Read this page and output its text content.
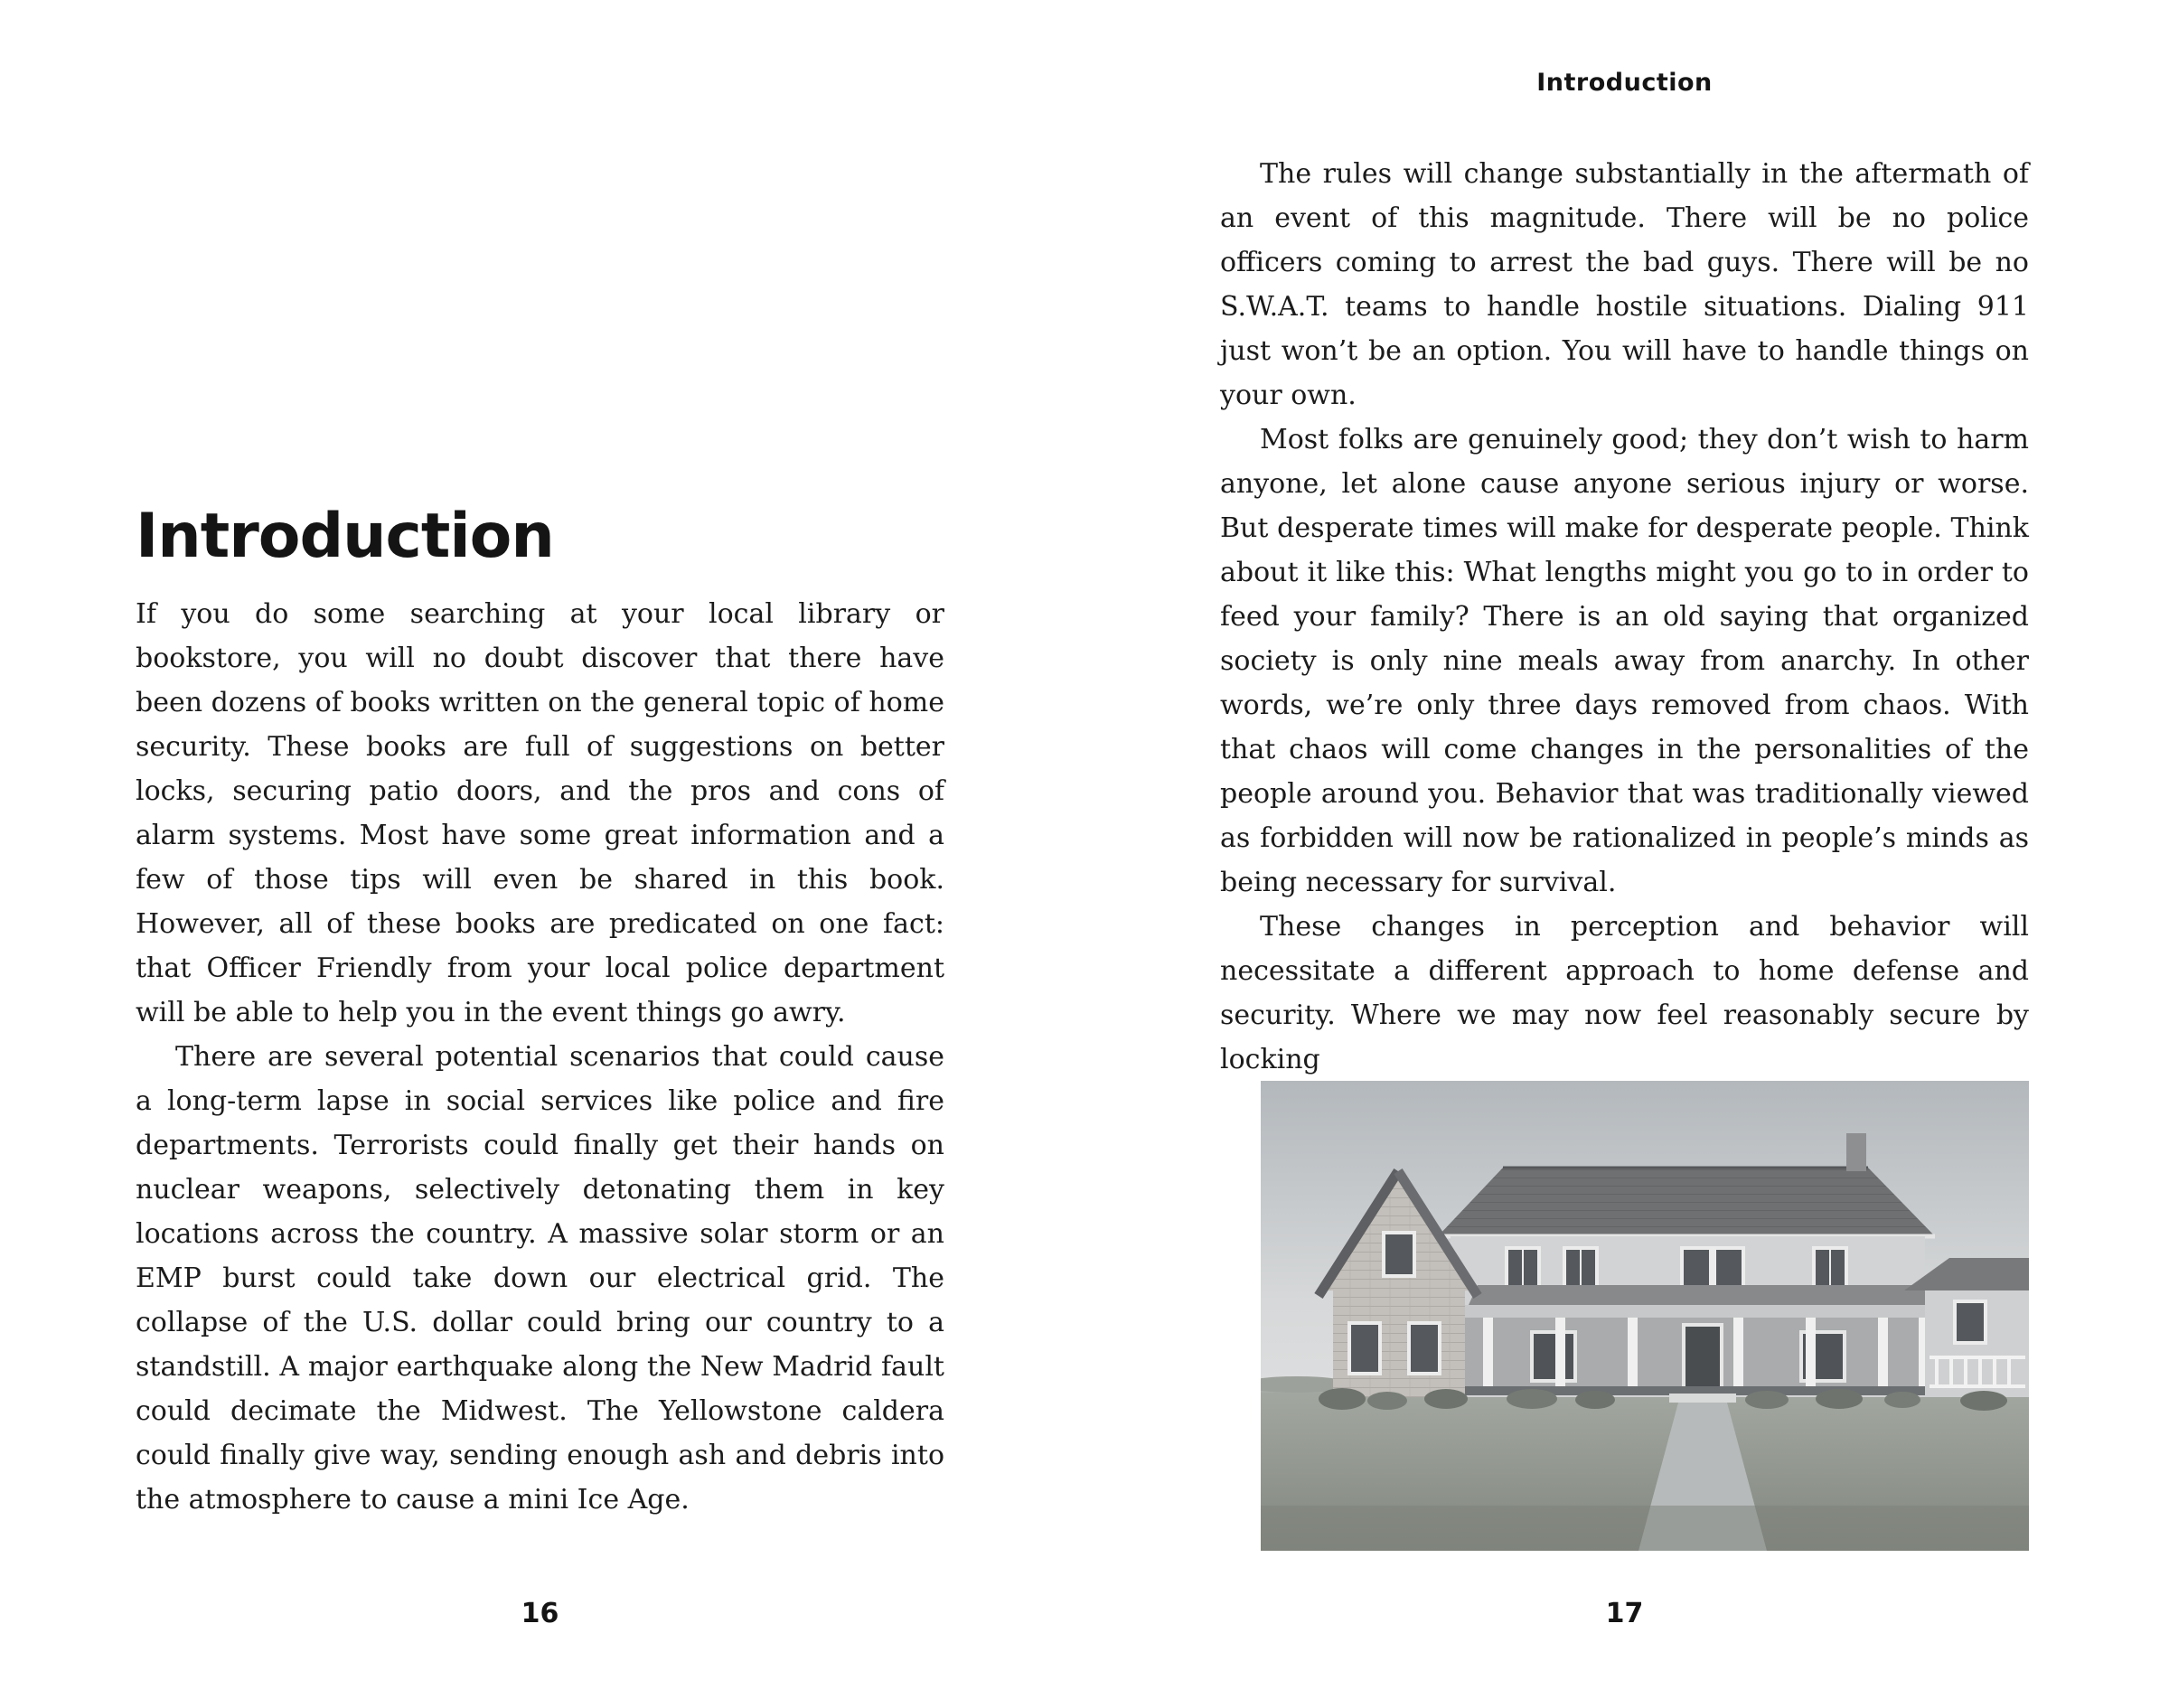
Introduction

If you do some searching at your local library or bookstore, you will no doubt discover that there have been dozens of books written on the general topic of home security. These books are full of suggestions on better locks, securing patio doors, and the pros and cons of alarm systems. Most have some great information and a few of those tips will even be shared in this book. However, all of these books are predicated on one fact: that Officer Friendly from your local police department will be able to help you in the event things go awry.

There are several potential scenarios that could cause a long-term lapse in social services like police and fire departments. Terrorists could finally get their hands on nuclear weapons, selectively detonating them in key locations across the country. A massive solar storm or an EMP burst could take down our electrical grid. The collapse of the U.S. dollar could bring our country to a standstill. A major earthquake along the New Madrid fault could decimate the Midwest. The Yellowstone caldera could finally give way, sending enough ash and debris into the atmosphere to cause a mini Ice Age.

16
Introduction

The rules will change substantially in the aftermath of an event of this magnitude. There will be no police officers coming to arrest the bad guys. There will be no S.W.A.T. teams to handle hostile situations. Dialing 911 just won’t be an option. You will have to handle things on your own.

Most folks are genuinely good; they don’t wish to harm anyone, let alone cause anyone serious injury or worse. But desperate times will make for desperate people. Think about it like this: What lengths might you go to in order to feed your family? There is an old saying that organized society is only nine meals away from anarchy. In other words, we’re only three days removed from chaos. With that chaos will come changes in the personalities of the people around you. Behavior that was traditionally viewed as forbidden will now be rationalized in people’s minds as being necessary for survival.

These changes in perception and behavior will necessitate a different approach to home defense and security. Where we may now feel reasonably secure by locking

17
